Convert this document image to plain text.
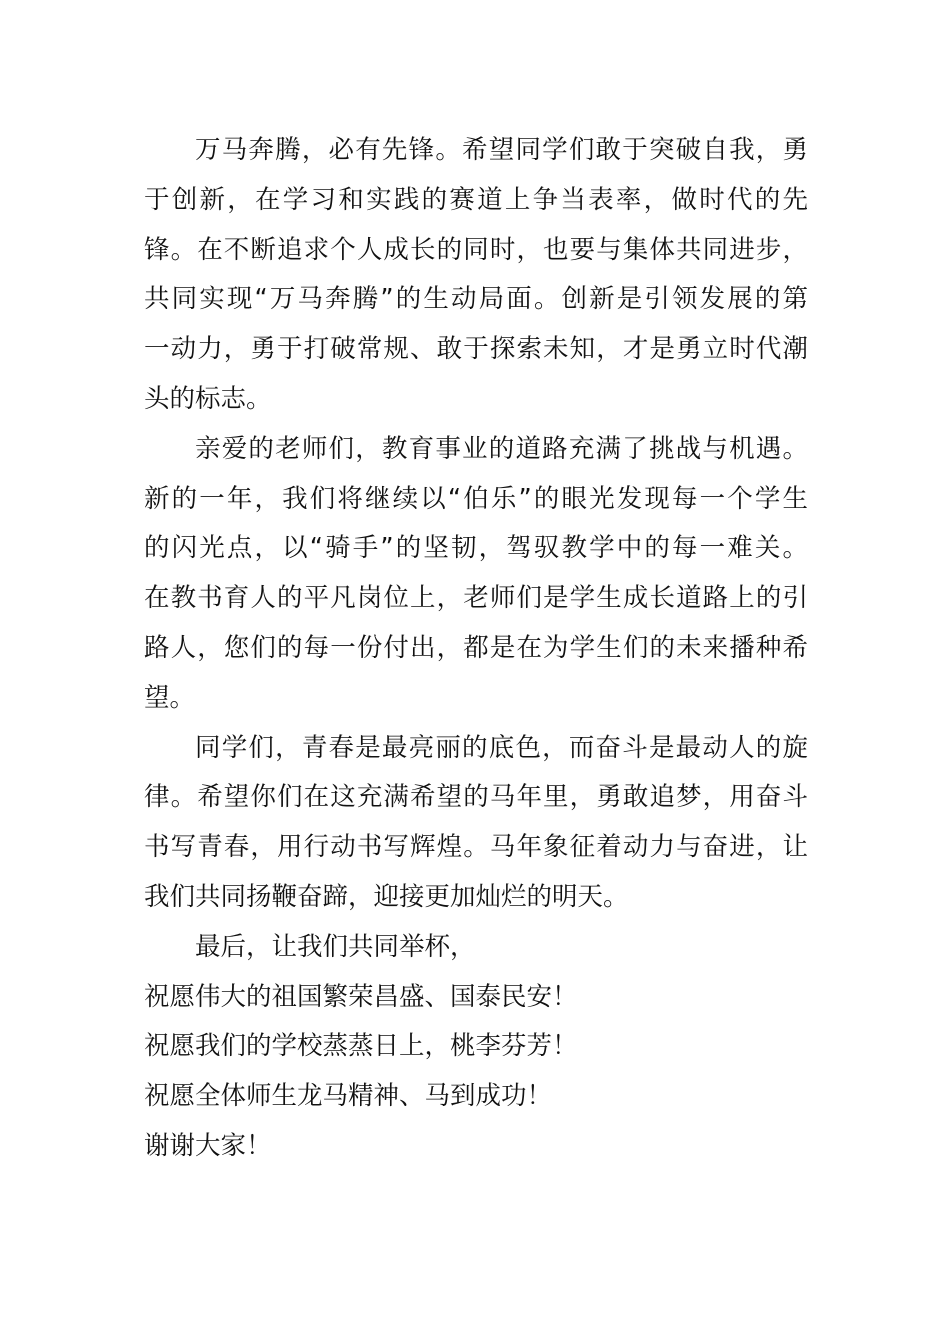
万马奔腾，必有先锋。希望同学们敢于突破自我，勇
于创新，在学习和实践的赛道上争当表率，做时代的先
锋。在不断追求个人成长的同时，也要与集体共同进步，
共同实现“万马奔腾”的生动局面。创新是引领发展的第
一动力，勇于打破常规、敢于探索未知，才是勇立时代潮
头的标志。
亲爱的老师们，教育事业的道路充满了挑战与机遇。
新的一年，我们将继续以“伯乐”的眼光发现每一个学生
的闪光点，以“骑手”的坚韧，驾驭教学中的每一难关。
在教书育人的平凡岗位上，老师们是学生成长道路上的引
路人，您们的每一份付出，都是在为学生们的未来播种希
望。
同学们，青春是最亮丽的底色，而奋斗是最动人的旋
律。希望你们在这充满希望的马年里，勇敢追梦，用奋斗
书写青春，用行动书写辉煌。马年象征着动力与奋进，让
我们共同扬鞭奋蹄，迎接更加灿烂的明天。
最后，让我们共同举杯，
祝愿伟大的祖国繁荣昌盛、国泰民安！
祝愿我们的学校蒸蒸日上，桃李芬芳！
祝愿全体师生龙马精神、马到成功！
谢谢大家！
